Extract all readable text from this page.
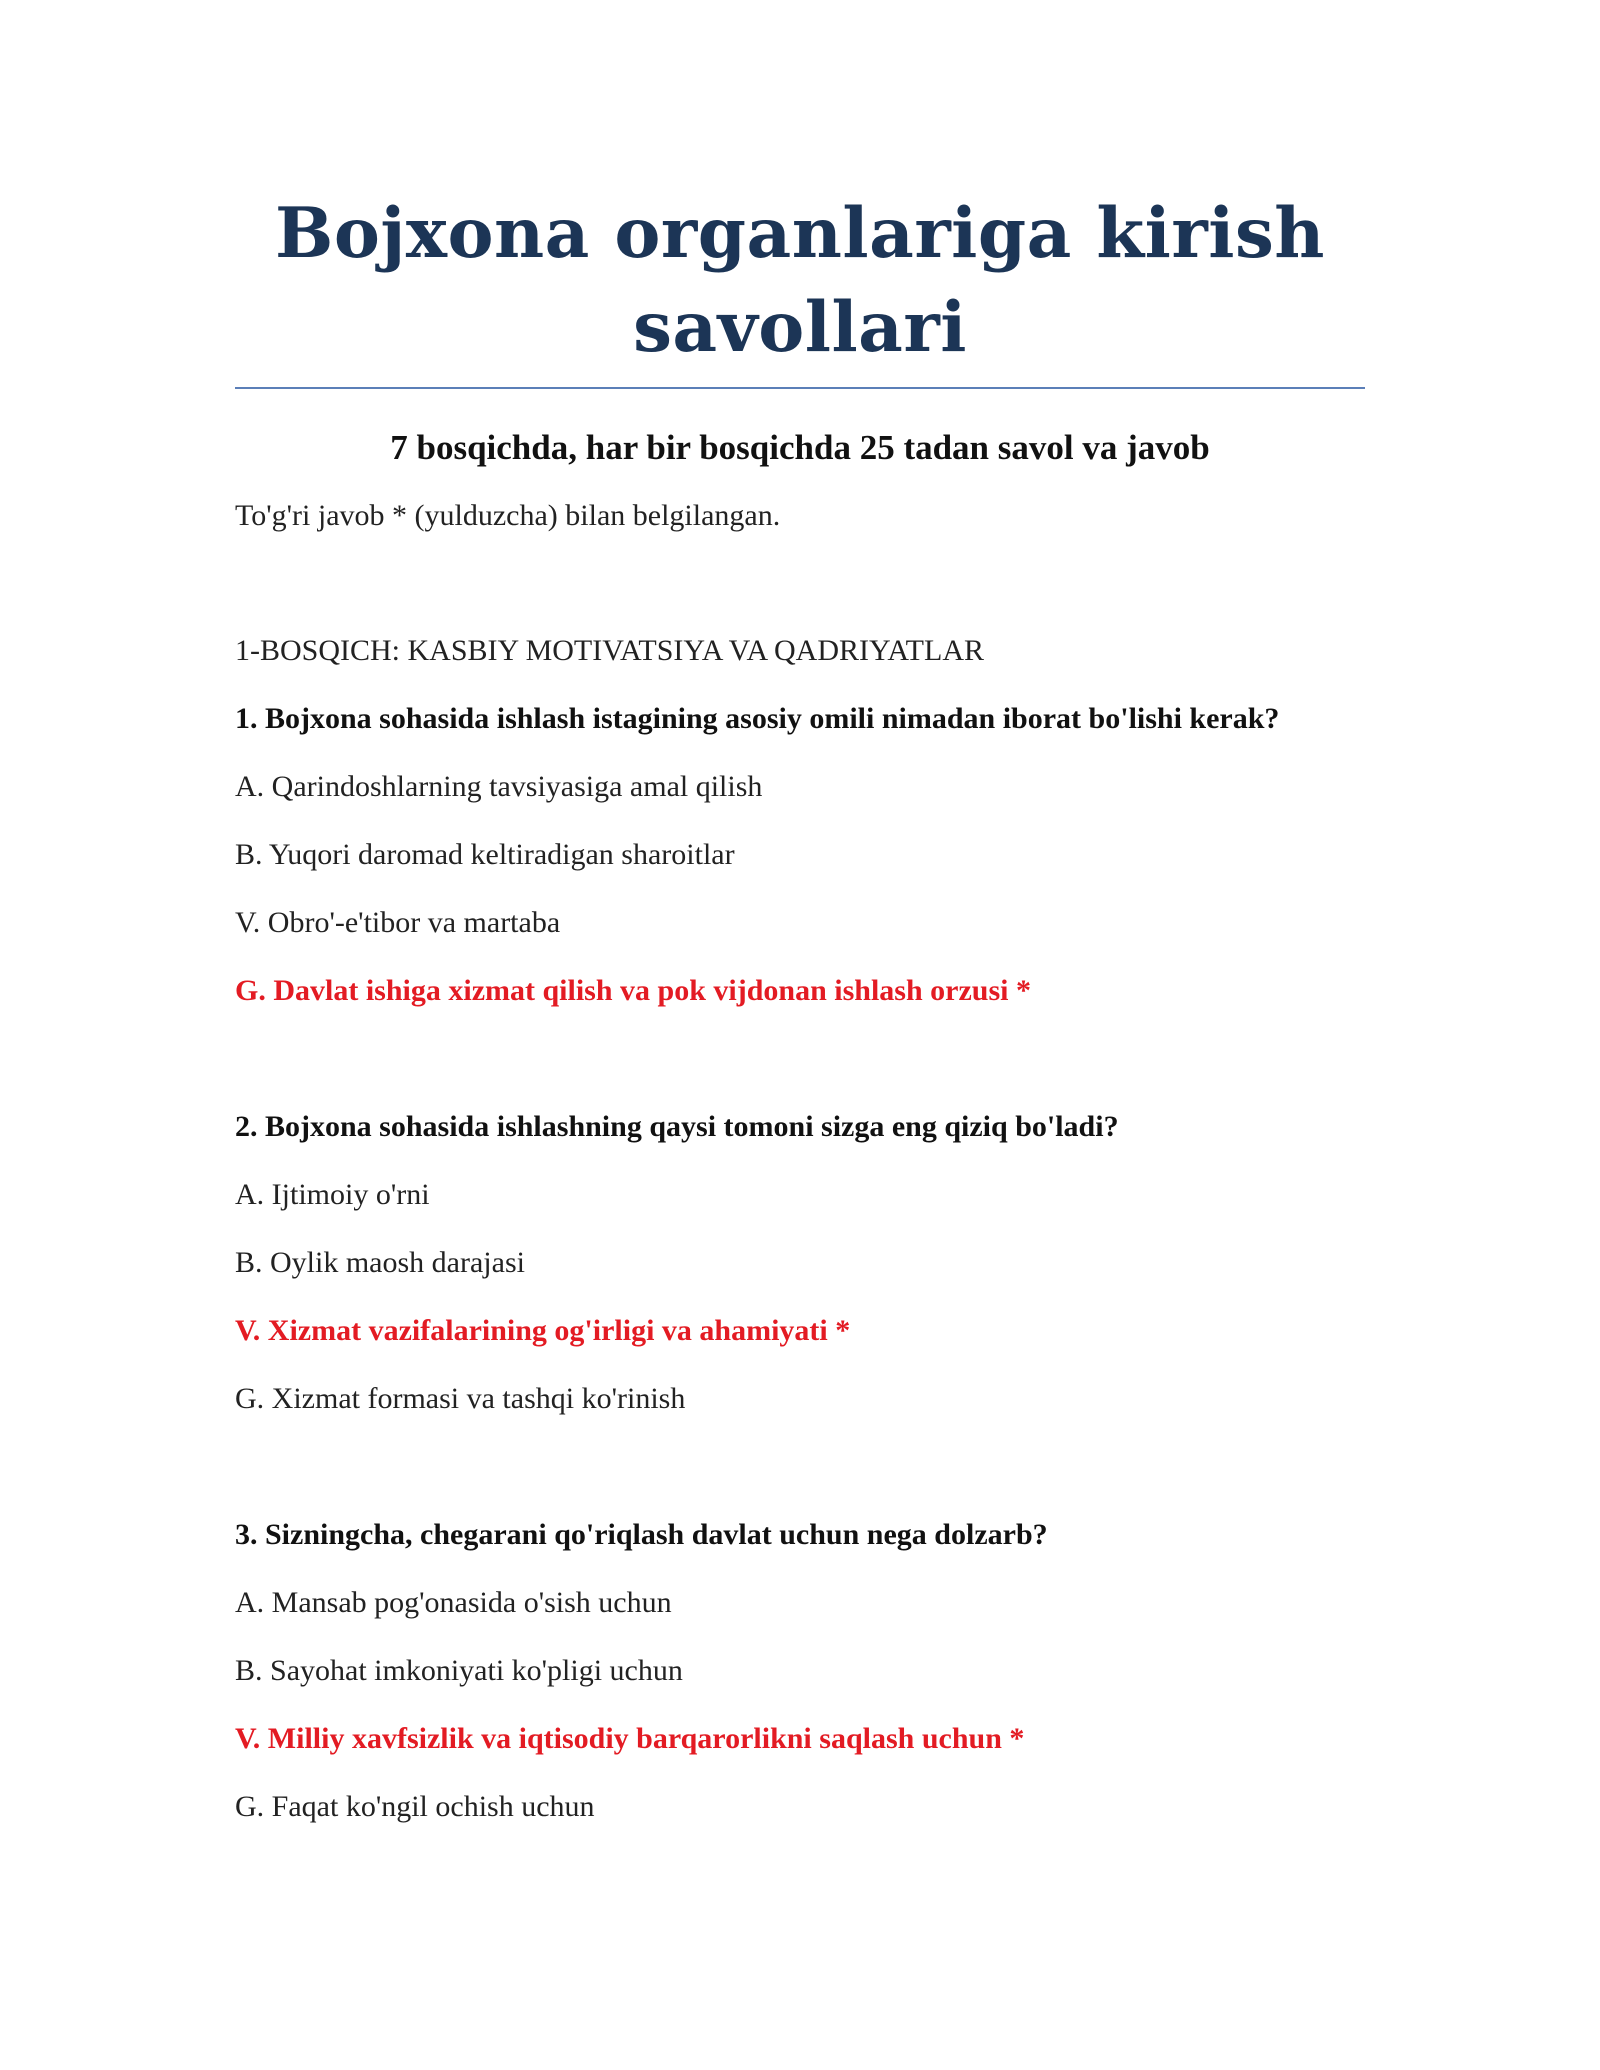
Bojxona organlariga kirish
savollari
7 bosqichda, har bir bosqichda 25 tadan savol va javob
To'g'ri javob * (yulduzcha) bilan belgilangan.
1-BOSQICH: KASBIY MOTIVATSIYA VA QADRIYATLAR
1. Bojxona sohasida ishlash istagining asosiy omili nimadan iborat bo'lishi kerak?
A. Qarindoshlarning tavsiyasiga amal qilish
B. Yuqori daromad keltiradigan sharoitlar
V. Obro'-e'tibor va martaba
G. Davlat ishiga xizmat qilish va pok vijdonan ishlash orzusi *
2. Bojxona sohasida ishlashning qaysi tomoni sizga eng qiziq bo'ladi?
A. Ijtimoiy o'rni
B. Oylik maosh darajasi
V. Xizmat vazifalarining og'irligi va ahamiyati *
G. Xizmat formasi va tashqi ko'rinish
3. Sizningcha, chegarani qo'riqlash davlat uchun nega dolzarb?
A. Mansab pog'onasida o'sish uchun
B. Sayohat imkoniyati ko'pligi uchun
V. Milliy xavfsizlik va iqtisodiy barqarorlikni saqlash uchun *
G. Faqat ko'ngil ochish uchun
